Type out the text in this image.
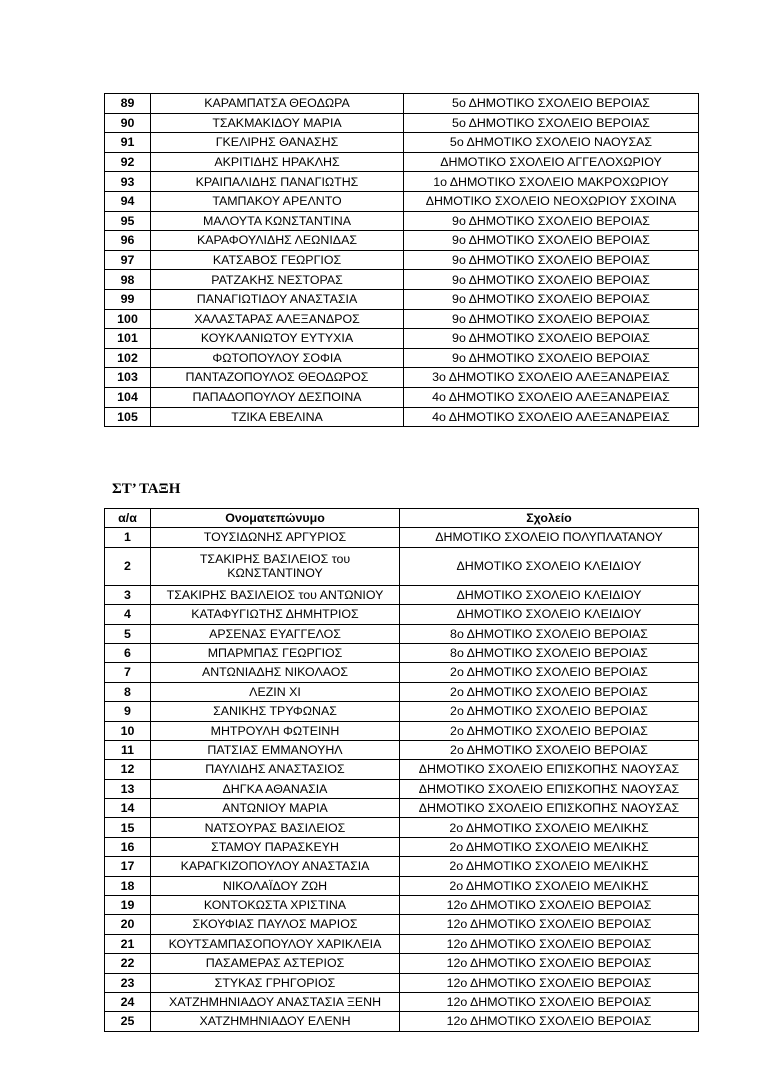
89	ΚΑΡΑΜΠΑΤΣΑ ΘΕΟΔΩΡΑ	5ο ΔΗΜΟΤΙΚΟ ΣΧΟΛΕΙΟ ΒΕΡΟΙΑΣ
90	ΤΣΑΚΜΑΚΙΔΟΥ ΜΑΡΙΑ	5ο ΔΗΜΟΤΙΚΟ ΣΧΟΛΕΙΟ ΒΕΡΟΙΑΣ
91	ΓΚΕΛΙΡΗΣ ΘΑΝΑΣΗΣ	5ο ΔΗΜΟΤΙΚΟ ΣΧΟΛΕΙΟ ΝΑΟΥΣΑΣ
92	ΑΚΡΙΤΙΔΗΣ ΗΡΑΚΛΗΣ	ΔΗΜΟΤΙΚΟ ΣΧΟΛΕΙΟ ΑΓΓΕΛΟΧΩΡΙΟΥ
93	ΚΡΑΙΠΑΛΙΔΗΣ ΠΑΝΑΓΙΩΤΗΣ	1ο ΔΗΜΟΤΙΚΟ ΣΧΟΛΕΙΟ ΜΑΚΡΟΧΩΡΙΟΥ
94	ΤΑΜΠΑΚΟΥ ΑΡΕΛΝΤΟ	ΔΗΜΟΤΙΚΟ ΣΧΟΛΕΙΟ ΝΕΟΧΩΡΙΟΥ ΣΧΟΙΝΑ
95	ΜΑΛΟΥΤΑ ΚΩΝΣΤΑΝΤΙΝΑ	9ο ΔΗΜΟΤΙΚΟ ΣΧΟΛΕΙΟ ΒΕΡΟΙΑΣ
96	ΚΑΡΑΦΟΥΛΙΔΗΣ ΛΕΩΝΙΔΑΣ	9ο ΔΗΜΟΤΙΚΟ ΣΧΟΛΕΙΟ ΒΕΡΟΙΑΣ
97	ΚΑΤΣΑΒΟΣ ΓΕΩΡΓΙΟΣ	9ο ΔΗΜΟΤΙΚΟ ΣΧΟΛΕΙΟ ΒΕΡΟΙΑΣ
98	ΡΑΤΖΑΚΗΣ ΝΕΣΤΟΡΑΣ	9ο ΔΗΜΟΤΙΚΟ ΣΧΟΛΕΙΟ ΒΕΡΟΙΑΣ
99	ΠΑΝΑΓΙΩΤΙΔΟΥ ΑΝΑΣΤΑΣΙΑ	9ο ΔΗΜΟΤΙΚΟ ΣΧΟΛΕΙΟ ΒΕΡΟΙΑΣ
100	ΧΑΛΑΣΤΑΡΑΣ ΑΛΕΞΑΝΔΡΟΣ	9ο ΔΗΜΟΤΙΚΟ ΣΧΟΛΕΙΟ ΒΕΡΟΙΑΣ
101	ΚΟΥΚΛΑΝΙΩΤΟΥ ΕΥΤΥΧΙΑ	9ο ΔΗΜΟΤΙΚΟ ΣΧΟΛΕΙΟ ΒΕΡΟΙΑΣ
102	ΦΩΤΟΠΟΥΛΟΥ ΣΟΦΙΑ	9ο ΔΗΜΟΤΙΚΟ ΣΧΟΛΕΙΟ ΒΕΡΟΙΑΣ
103	ΠΑΝΤΑΖΟΠΟΥΛΟΣ ΘΕΟΔΩΡΟΣ	3ο ΔΗΜΟΤΙΚΟ ΣΧΟΛΕΙΟ ΑΛΕΞΑΝΔΡΕΙΑΣ
104	ΠΑΠΑΔΟΠΟΥΛΟΥ ΔΕΣΠΟΙΝΑ	4ο ΔΗΜΟΤΙΚΟ ΣΧΟΛΕΙΟ ΑΛΕΞΑΝΔΡΕΙΑΣ
105	ΤΖΙΚΑ ΕΒΕΛΙΝΑ	4ο ΔΗΜΟΤΙΚΟ ΣΧΟΛΕΙΟ ΑΛΕΞΑΝΔΡΕΙΑΣ
ΣΤ’ ΤΑΞΗ
α/α	Ονοματεπώνυμο	Σχολείο
1	ΤΟΥΣΙΔΩΝΗΣ ΑΡΓΥΡΙΟΣ	ΔΗΜΟΤΙΚΟ ΣΧΟΛΕΙΟ ΠΟΛΥΠΛΑΤΑΝΟΥ
2	ΤΣΑΚΙΡΗΣ ΒΑΣΙΛΕΙΟΣ του ΚΩΝΣΤΑΝΤΙΝΟΥ	ΔΗΜΟΤΙΚΟ ΣΧΟΛΕΙΟ ΚΛΕΙΔΙΟΥ
3	ΤΣΑΚΙΡΗΣ ΒΑΣΙΛΕΙΟΣ του ΑΝΤΩΝΙΟΥ	ΔΗΜΟΤΙΚΟ ΣΧΟΛΕΙΟ ΚΛΕΙΔΙΟΥ
4	ΚΑΤΑΦΥΓΙΩΤΗΣ ΔΗΜΗΤΡΙΟΣ	ΔΗΜΟΤΙΚΟ ΣΧΟΛΕΙΟ ΚΛΕΙΔΙΟΥ
5	ΑΡΣΕΝΑΣ ΕΥΑΓΓΕΛΟΣ	8ο ΔΗΜΟΤΙΚΟ ΣΧΟΛΕΙΟ ΒΕΡΟΙΑΣ
6	ΜΠΑΡΜΠΑΣ ΓΕΩΡΓΙΟΣ	8ο ΔΗΜΟΤΙΚΟ ΣΧΟΛΕΙΟ ΒΕΡΟΙΑΣ
7	ΑΝΤΩΝΙΑΔΗΣ ΝΙΚΟΛΑΟΣ	2ο ΔΗΜΟΤΙΚΟ ΣΧΟΛΕΙΟ ΒΕΡΟΙΑΣ
8	ΛΕΖΙΝ ΧΙ	2ο ΔΗΜΟΤΙΚΟ ΣΧΟΛΕΙΟ ΒΕΡΟΙΑΣ
9	ΣΑΝΙΚΗΣ ΤΡΥΦΩΝΑΣ	2ο ΔΗΜΟΤΙΚΟ ΣΧΟΛΕΙΟ ΒΕΡΟΙΑΣ
10	ΜΗΤΡΟΥΛΗ ΦΩΤΕΙΝΗ	2ο ΔΗΜΟΤΙΚΟ ΣΧΟΛΕΙΟ ΒΕΡΟΙΑΣ
11	ΠΑΤΣΙΑΣ ΕΜΜΑΝΟΥΗΛ	2ο ΔΗΜΟΤΙΚΟ ΣΧΟΛΕΙΟ ΒΕΡΟΙΑΣ
12	ΠΑΥΛΙΔΗΣ ΑΝΑΣΤΑΣΙΟΣ	ΔΗΜΟΤΙΚΟ ΣΧΟΛΕΙΟ ΕΠΙΣΚΟΠΗΣ ΝΑΟΥΣΑΣ
13	ΔΗΓΚΑ ΑΘΑΝΑΣΙΑ	ΔΗΜΟΤΙΚΟ ΣΧΟΛΕΙΟ ΕΠΙΣΚΟΠΗΣ ΝΑΟΥΣΑΣ
14	ΑΝΤΩΝΙΟΥ ΜΑΡΙΑ	ΔΗΜΟΤΙΚΟ ΣΧΟΛΕΙΟ ΕΠΙΣΚΟΠΗΣ ΝΑΟΥΣΑΣ
15	ΝΑΤΣΟΥΡΑΣ ΒΑΣΙΛΕΙΟΣ	2ο ΔΗΜΟΤΙΚΟ ΣΧΟΛΕΙΟ ΜΕΛΙΚΗΣ
16	ΣΤΑΜΟΥ ΠΑΡΑΣΚΕΥΗ	2ο ΔΗΜΟΤΙΚΟ ΣΧΟΛΕΙΟ ΜΕΛΙΚΗΣ
17	ΚΑΡΑΓΚΙΖΟΠΟΥΛΟΥ ΑΝΑΣΤΑΣΙΑ	2ο ΔΗΜΟΤΙΚΟ ΣΧΟΛΕΙΟ ΜΕΛΙΚΗΣ
18	ΝΙΚΟΛΑΪΔΟΥ ΖΩΗ	2ο ΔΗΜΟΤΙΚΟ ΣΧΟΛΕΙΟ ΜΕΛΙΚΗΣ
19	ΚΟΝΤΟΚΩΣΤΑ ΧΡΙΣΤΙΝΑ	12ο ΔΗΜΟΤΙΚΟ ΣΧΟΛΕΙΟ ΒΕΡΟΙΑΣ
20	ΣΚΟΥΦΙΑΣ ΠΑΥΛΟΣ ΜΑΡΙΟΣ	12ο ΔΗΜΟΤΙΚΟ ΣΧΟΛΕΙΟ ΒΕΡΟΙΑΣ
21	ΚΟΥΤΣΑΜΠΑΣΟΠΟΥΛΟΥ ΧΑΡΙΚΛΕΙΑ	12ο ΔΗΜΟΤΙΚΟ ΣΧΟΛΕΙΟ ΒΕΡΟΙΑΣ
22	ΠΑΣΑΜΕΡΑΣ ΑΣΤΕΡΙΟΣ	12ο ΔΗΜΟΤΙΚΟ ΣΧΟΛΕΙΟ ΒΕΡΟΙΑΣ
23	ΣΤΥΚΑΣ ΓΡΗΓΟΡΙΟΣ	12ο ΔΗΜΟΤΙΚΟ ΣΧΟΛΕΙΟ ΒΕΡΟΙΑΣ
24	ΧΑΤΖΗΜΗΝΙΑΔΟΥ ΑΝΑΣΤΑΣΙΑ ΞΕΝΗ	12ο ΔΗΜΟΤΙΚΟ ΣΧΟΛΕΙΟ ΒΕΡΟΙΑΣ
25	ΧΑΤΖΗΜΗΝΙΑΔΟΥ ΕΛΕΝΗ	12ο ΔΗΜΟΤΙΚΟ ΣΧΟΛΕΙΟ ΒΕΡΟΙΑΣ
